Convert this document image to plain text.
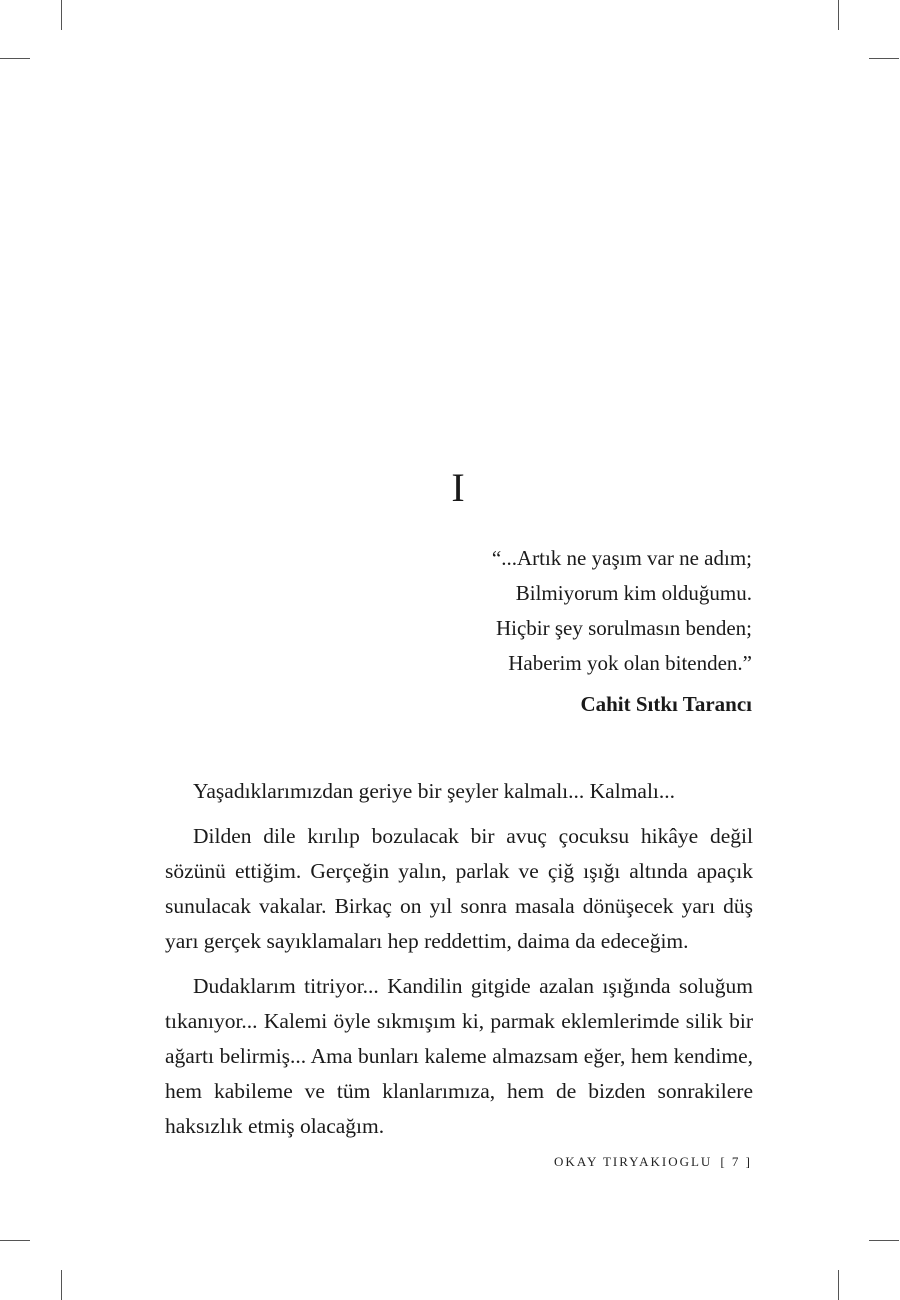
I
“...Artık ne yaşım var ne adım;
Bilmiyorum kim olduğumu.
Hiçbir şey sorulmasın benden;
Haberim yok olan bitenden.”
Cahit Sıtkı Tarancı

Yaşadıklarımızdan geriye bir şeyler kalmalı... Kalmalı...

Dilden dile kırılıp bozulacak bir avuç çocuksu hikâye değil sözünü ettiğim. Gerçeğin yalın, parlak ve çiğ ışığı altında apaçık sunulacak vakalar. Birkaç on yıl sonra masala dönüşecek yarı düş yarı gerçek sayıklamaları hep reddettim, daima da edeceğim.

Dudaklarım titriyor... Kandilin gitgide azalan ışığında soluğum tıkanıyor... Kalemi öyle sıkmışım ki, parmak eklemlerimde silik bir ağartı belirmiş... Ama bunları kaleme almazsam eğer, hem kendime, hem kabileme ve tüm klanlarımıza, hem de bizden sonrakilere haksızlık etmiş olacağım.

OKAY TIRYAKIOGLU [ 7 ]
